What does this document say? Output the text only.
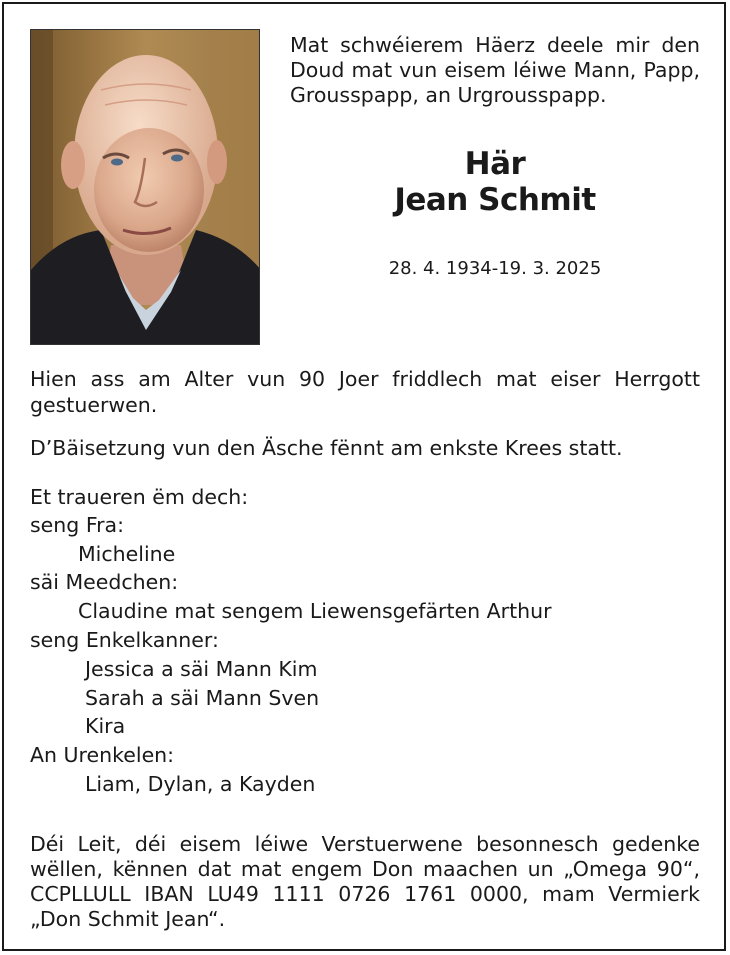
Mat schwéierem Häerz deele mir den Doud mat vun eisem léiwe Mann, Papp, Grousspapp, an Urgrousspapp.

Här
Jean Schmit
28. 4. 1934-19. 3. 2025

Hien ass am Alter vun 90 Joer friddlech mat eiser Herrgott gestuerwen.

D’Bäisetzung vun den Äsche fënnt am enkste Krees statt.

Et traueren ëm dech:
seng Fra:
Micheline
säi Meedchen:
Claudine mat sengem Liewensgefärten Arthur
seng Enkelkanner:
Jessica a säi Mann Kim
Sarah a säi Mann Sven
Kira
An Urenkelen:
Liam, Dylan, a Kayden

Déi Leit, déi eisem léiwe Verstuerwene besonnesch gedenke wëllen, kënnen dat mat engem Don maachen un „Omega 90“, CCPLLULL IBAN LU49 1111 0726 1761 0000, mam Vermierk „Don Schmit Jean“.
